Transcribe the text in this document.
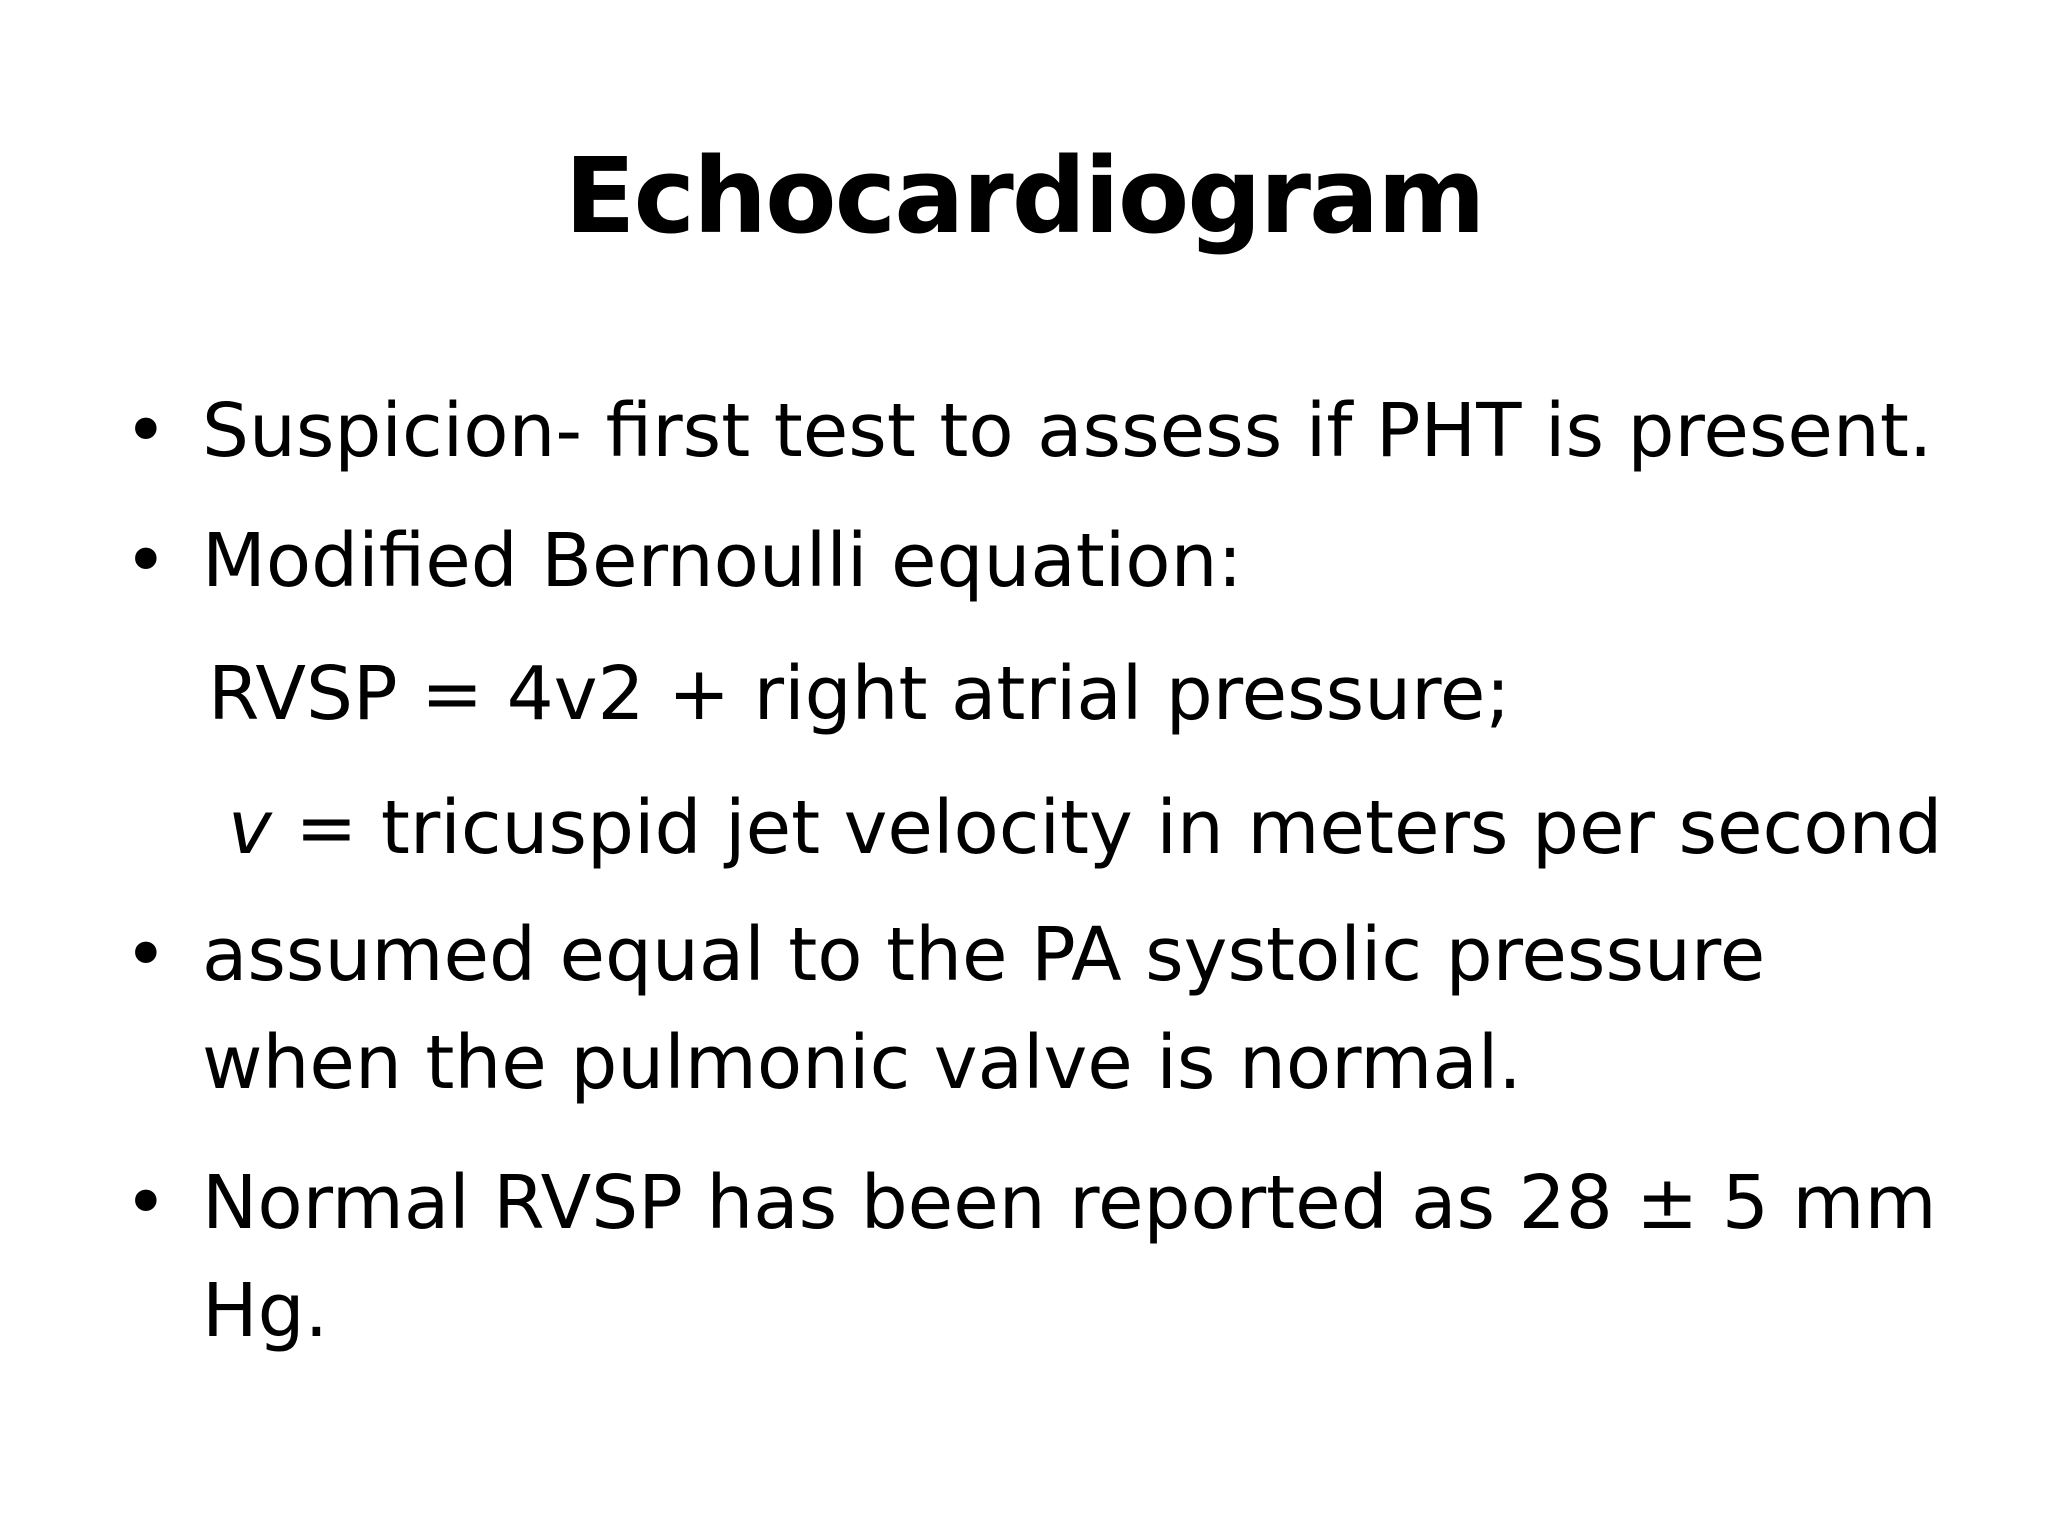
Echocardiogram
• Suspicion- first test to assess if PHT is present.
• Modified Bernoulli equation:
RVSP = 4v2 + right atrial pressure;
v = tricuspid jet velocity in meters per second
• assumed equal to the PA systolic pressure
when the pulmonic valve is normal.
• Normal RVSP has been reported as 28 ± 5 mm
Hg.
